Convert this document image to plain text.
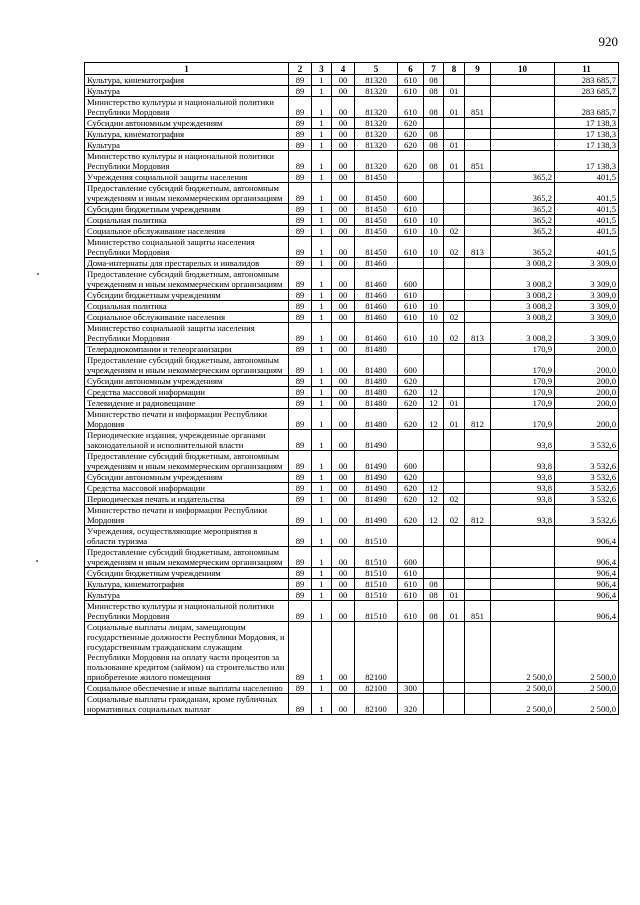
920
1	2	3	4	5	6	7	8	9	10	11
Культура, кинематография	89	1	00	81320	610	08				283 685,7
Культура	89	1	00	81320	610	08	01			283 685,7
Министерство культуры и национальной политики Республики Мордовия	89	1	00	81320	610	08	01	851		283 685,7
Субсидии автономным учреждениям	89	1	00	81320	620					17 138,3
Культура, кинематография	89	1	00	81320	620	08				17 138,3
Культура	89	1	00	81320	620	08	01			17 138,3
Министерство культуры и национальной политики Республики Мордовия	89	1	00	81320	620	08	01	851		17 138,3
Учреждения социальной защиты населения	89	1	00	81450					365,2	401,5
Предоставление субсидий бюджетным, автономным учреждениям и иным некоммерческим организациям	89	1	00	81450	600				365,2	401,5
Субсидии бюджетным учреждениям	89	1	00	81450	610				365,2	401,5
Социальная политика	89	1	00	81450	610	10			365,2	401,5
Социальное обслуживание населения	89	1	00	81450	610	10	02		365,2	401,5
Министерство социальной защиты населения Республики Мордовия	89	1	00	81450	610	10	02	813	365,2	401,5
Дома-интернаты для престарелых и инвалидов	89	1	00	81460					3 008,2	3 309,0
Предоставление субсидий бюджетным, автономным учреждениям и иным некоммерческим организациям	89	1	00	81460	600				3 008,2	3 309,0
Субсидии бюджетным учреждениям	89	1	00	81460	610				3 008,2	3 309,0
Социальная политика	89	1	00	81460	610	10			3 008,2	3 309,0
Социальное обслуживание населения	89	1	00	81460	610	10	02		3 008,2	3 309,0
Министерство социальной защиты населения Республики Мордовия	89	1	00	81460	610	10	02	813	3 008,2	3 309,0
Телерадиокомпании и телеорганизации	89	1	00	81480					170,9	200,0
Предоставление субсидий бюджетным, автономным учреждениям и иным некоммерческим организациям	89	1	00	81480	600				170,9	200,0
Субсидии автономным учреждениям	89	1	00	81480	620				170,9	200,0
Средства массовой информации	89	1	00	81480	620	12			170,9	200,0
Телевидение и радиовещание	89	1	00	81480	620	12	01		170,9	200,0
Министерство печати и информации Республики Мордовия	89	1	00	81480	620	12	01	812	170,9	200,0
Периодические издания, учрежденные органами законодательной и исполнительной власти	89	1	00	81490					93,8	3 532,6
Предоставление субсидий бюджетным, автономным учреждениям и иным некоммерческим организациям	89	1	00	81490	600				93,8	3 532,6
Субсидии автономным учреждениям	89	1	00	81490	620				93,8	3 532,6
Средства массовой информации	89	1	00	81490	620	12			93,8	3 532,6
Периодическая печать и издательства	89	1	00	81490	620	12	02		93,8	3 532,6
Министерство печати и информации Республики Мордовия	89	1	00	81490	620	12	02	812	93,8	3 532,6
Учреждения, осуществляющие мероприятия в области туризма	89	1	00	81510						906,4
Предоставление субсидий бюджетным, автономным учреждениям и иным некоммерческим организациям	89	1	00	81510	600					906,4
Субсидии бюджетным учреждениям	89	1	00	81510	610					906,4
Культура, кинематография	89	1	00	81510	610	08				906,4
Культура	89	1	00	81510	610	08	01			906,4
Министерство культуры и национальной политики Республики Мордовия	89	1	00	81510	610	08	01	851		906,4
Социальные выплаты лицам, замещающим государственные должности Республики Мордовия, и государственным гражданским служащим Республики Мордовия на оплату части процентов за пользование кредитом (займом) на строительство или приобретение жилого помещения	89	1	00	82100					2 500,0	2 500,0
Социальное обеспечение и иные выплаты населению	89	1	00	82100	300				2 500,0	2 500,0
Социальные выплаты гражданам, кроме публичных нормативных социальных выплат	89	1	00	82100	320				2 500,0	2 500,0
